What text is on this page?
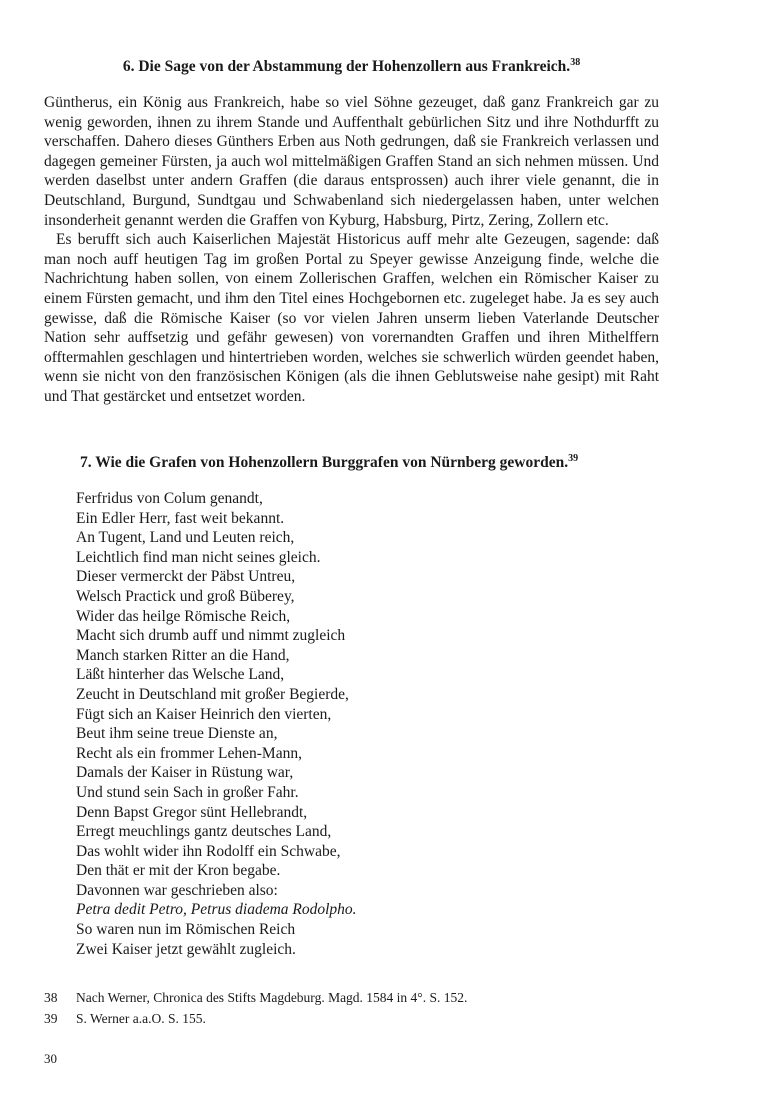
6. Die Sage von der Abstammung der Hohenzollern aus Frankreich.$^{38}$

Güntherus, ein König aus Frankreich, habe so viel Söhne gezeuget, daß ganz Frankreich gar zu wenig geworden, ihnen zu ihrem Stande und Auffenthalt gebürlichen Sitz und ihre Nothdurfft zu verschaffen. Dahero dieses Günthers Erben aus Noth gedrungen, daß sie Frankreich verlassen und dagegen gemeiner Fürsten, ja auch wol mittelmäßigen Graffen Stand an sich nehmen müssen. Und werden daselbst unter andern Graffen (die daraus entsprossen) auch ihrer viele genannt, die in Deutschland, Burgund, Sundtgau und Schwabenland sich niedergelassen haben, unter welchen insonderheit genannt werden die Graffen von Kyburg, Habsburg, Pirtz, Zering, Zollern etc.

Es berufft sich auch Kaiserlichen Majestät Historicus auff mehr alte Gezeugen, sagende: daß man noch auff heutigen Tag im großen Portal zu Speyer gewisse Anzeigung finde, welche die Nachrichtung haben sollen, von einem Zollerischen Graffen, welchen ein Römischer Kaiser zu einem Fürsten gemacht, und ihm den Titel eines Hochgebornen etc. zugeleget habe. Ja es sey auch gewisse, daß die Römische Kaiser (so vor vielen Jahren unserm lieben Vaterlande Deutscher Nation sehr auffsetzig und gefähr gewesen) von vorernandten Graffen und ihren Mithelffern offtermahlen geschlagen und hintertrieben worden, welches sie schwerlich würden geendet haben, wenn sie nicht von den französischen Königen (als die ihnen Geblutsweise nahe gesipt) mit Raht und That gestärcket und entsetzet worden.

7. Wie die Grafen von Hohenzollern Burggrafen von Nürnberg geworden.$^{39}$
Ferfridus von Colum genandt,
Ein Edler Herr, fast weit bekannt.
An Tugent, Land und Leuten reich,
Leichtlich find man nicht seines gleich.
Dieser vermerckt der Päbst Untreu,
Welsch Practick und groß Büberey,
Wider das heilge Römische Reich,
Macht sich drumb auff und nimmt zugleich
Manch starken Ritter an die Hand,
Läßt hinterher das Welsche Land,
Zeucht in Deutschland mit großer Begierde,
Fügt sich an Kaiser Heinrich den vierten,
Beut ihm seine treue Dienste an,
Recht als ein frommer Lehen-Mann,
Damals der Kaiser in Rüstung war,
Und stund sein Sach in großer Fahr.
Denn Bapst Gregor sünt Hellebrandt,
Erregt meuchlings gantz deutsches Land,
Das wohlt wider ihn Rodolff ein Schwabe,
Den thät er mit der Kron begabe.
Davonnen war geschrieben also:
Petra dedit Petro, Petrus diadema Rodolpho.
So waren nun im Römischen Reich
Zwei Kaiser jetzt gewählt zugleich.
38	Nach Werner, Chronica des Stifts Magdeburg. Magd. 1584 in 4°. S. 152.
39	S. Werner a.a.O. S. 155.
30
